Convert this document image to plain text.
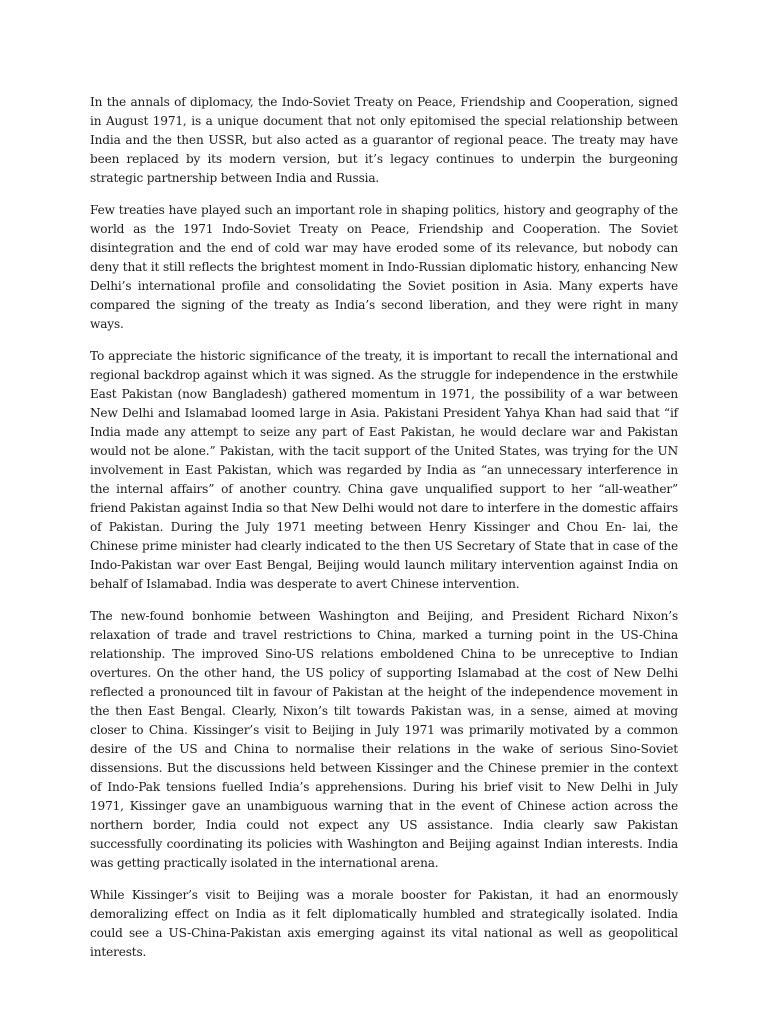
In the annals of diplomacy, the Indo-Soviet Treaty on Peace, Friendship and Cooperation, signed in August 1971, is a unique document that not only epitomised the special relationship between India and the then USSR, but also acted as a guarantor of regional peace. The treaty may have been replaced by its modern version, but it’s legacy continues to underpin the burgeoning strategic partnership between India and Russia.

Few treaties have played such an important role in shaping politics, history and geography of the world as the 1971 Indo-Soviet Treaty on Peace, Friendship and Cooperation. The Soviet disintegration and the end of cold war may have eroded some of its relevance, but nobody can deny that it still reflects the brightest moment in Indo-Russian diplomatic history, enhancing New Delhi’s international profile and consolidating the Soviet position in Asia. Many experts have compared the signing of the treaty as India’s second liberation, and they were right in many ways.

To appreciate the historic significance of the treaty, it is important to recall the international and regional backdrop against which it was signed. As the struggle for independence in the erstwhile East Pakistan (now Bangladesh) gathered momentum in 1971, the possibility of a war between New Delhi and Islamabad loomed large in Asia. Pakistani President Yahya Khan had said that “if India made any attempt to seize any part of East Pakistan, he would declare war and Pakistan would not be alone.” Pakistan, with the tacit support of the United States, was trying for the UN involvement in East Pakistan, which was regarded by India as “an unnecessary interference in the internal affairs” of another country. China gave unqualified support to her “all-weather” friend Pakistan against India so that New Delhi would not dare to interfere in the domestic affairs of Pakistan. During the July 1971 meeting between Henry Kissinger and Chou En- lai, the Chinese prime minister had clearly indicated to the then US Secretary of State that in case of the Indo-Pakistan war over East Bengal, Beijing would launch military intervention against India on behalf of Islamabad. India was desperate to avert Chinese intervention.

The new-found bonhomie between Washington and Beijing, and President Richard Nixon’s relaxation of trade and travel restrictions to China, marked a turning point in the US-China relationship. The improved Sino-US relations emboldened China to be unreceptive to Indian overtures. On the other hand, the US policy of supporting Islamabad at the cost of New Delhi reflected a pronounced tilt in favour of Pakistan at the height of the independence movement in the then East Bengal. Clearly, Nixon’s tilt towards Pakistan was, in a sense, aimed at moving closer to China. Kissinger’s visit to Beijing in July 1971 was primarily motivated by a common desire of the US and China to normalise their relations in the wake of serious Sino-Soviet dissensions. But the discussions held between Kissinger and the Chinese premier in the context of Indo-Pak tensions fuelled India’s apprehensions. During his brief visit to New Delhi in July 1971, Kissinger gave an unambiguous warning that in the event of Chinese action across the northern border, India could not expect any US assistance. India clearly saw Pakistan successfully coordinating its policies with Washington and Beijing against Indian interests. India was getting practically isolated in the international arena.

While Kissinger’s visit to Beijing was a morale booster for Pakistan, it had an enormously demoralizing effect on India as it felt diplomatically humbled and strategically isolated. India could see a US-China-Pakistan axis emerging against its vital national as well as geopolitical interests.
